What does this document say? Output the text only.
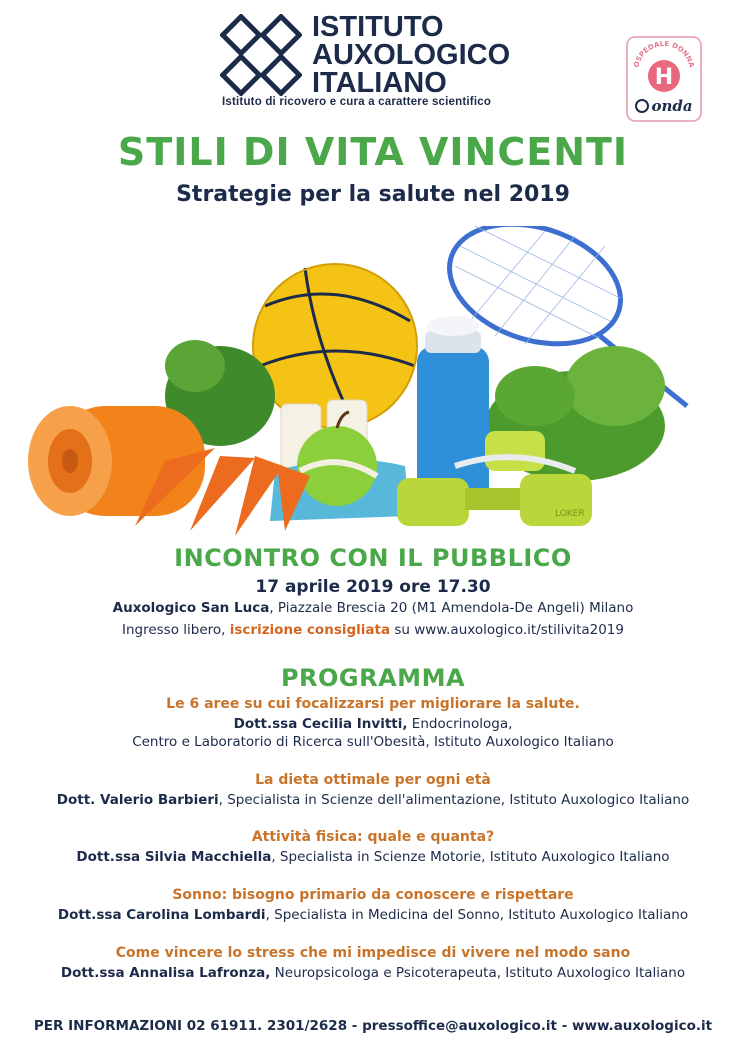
ISTITUTO
AUXOLOGICO
ITALIANO
Istituto di ricovero e cura a carattere scientifico
OSPEDALE DONNA
H
onda
STILI DI VITA VINCENTI
Strategie per la salute nel 2019
LOKER
INCONTRO CON IL PUBBLICO
17 aprile 2019 ore 17.30
Auxologico San Luca, Piazzale Brescia 20 (M1 Amendola-De Angeli) Milano
Ingresso libero, iscrizione consigliata su www.auxologico.it/stilivita2019
PROGRAMMA
Le 6 aree su cui focalizzarsi per migliorare la salute.
Dott.ssa Cecilia Invitti, Endocrinologa,
Centro e Laboratorio di Ricerca sull'Obesità, Istituto Auxologico Italiano
La dieta ottimale per ogni età
Dott. Valerio Barbieri, Specialista in Scienze dell'alimentazione, Istituto Auxologico Italiano
Attività fisica: quale e quanta?
Dott.ssa Silvia Macchiella, Specialista in Scienze Motorie, Istituto Auxologico Italiano
Sonno: bisogno primario da conoscere e rispettare
Dott.ssa Carolina Lombardi, Specialista in Medicina del Sonno, Istituto Auxologico Italiano
Come vincere lo stress che mi impedisce di vivere nel modo sano
Dott.ssa Annalisa Lafronza, Neuropsicologa e Psicoterapeuta, Istituto Auxologico Italiano
PER INFORMAZIONI 02 61911. 2301/2628 - pressoffice@auxologico.it - www.auxologico.it
